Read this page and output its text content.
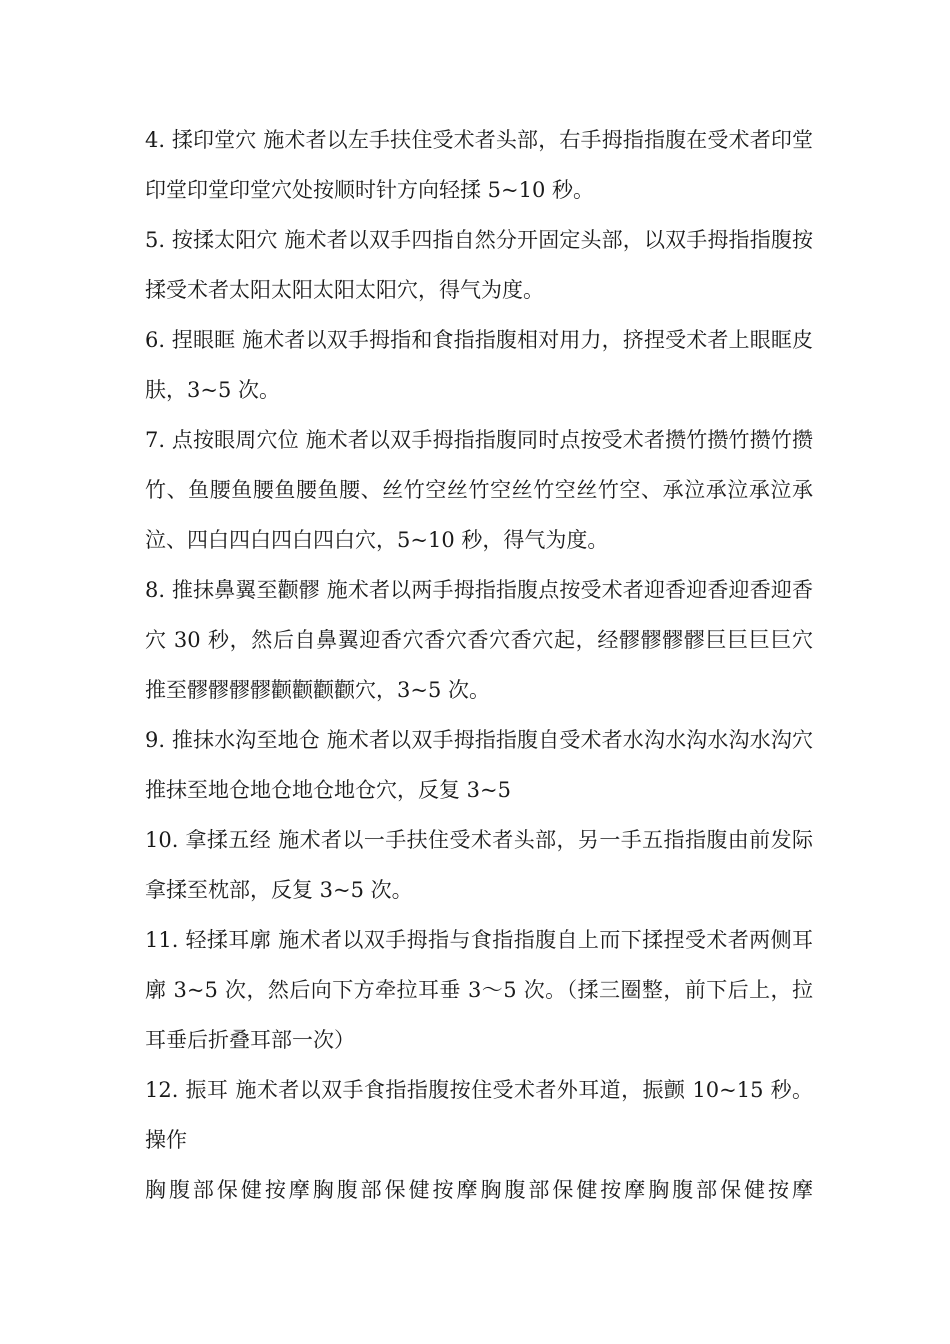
4. 揉印堂穴 施术者以左手扶住受术者头部，右手拇指指腹在受术者印堂印堂印堂印堂穴处按顺时针方向轻揉 5~10 秒。

5. 按揉太阳穴 施术者以双手四指自然分开固定头部，以双手拇指指腹按揉受术者太阳太阳太阳太阳穴，得气为度。

6. 捏眼眶 施术者以双手拇指和食指指腹相对用力，挤捏受术者上眼眶皮肤，3~5 次。

7. 点按眼周穴位 施术者以双手拇指指腹同时点按受术者攒竹攒竹攒竹攒竹、鱼腰鱼腰鱼腰鱼腰、丝竹空丝竹空丝竹空丝竹空、承泣承泣承泣承泣、四白四白四白四白穴，5~10 秒，得气为度。

8. 推抹鼻翼至颧髎 施术者以两手拇指指腹点按受术者迎香迎香迎香迎香穴 30 秒，然后自鼻翼迎香穴香穴香穴香穴起，经髎髎髎髎巨巨巨巨穴推至髎髎髎髎颧颧颧颧穴，3~5 次。

9. 推抹水沟至地仓 施术者以双手拇指指腹自受术者水沟水沟水沟水沟穴推抹至地仓地仓地仓地仓穴，反复 3~5

10. 拿揉五经 施术者以一手扶住受术者头部，另一手五指指腹由前发际拿揉至枕部，反复 3~5 次。

11. 轻揉耳廓 施术者以双手拇指与食指指腹自上而下揉捏受术者两侧耳廓 3~5 次，然后向下方牵拉耳垂 3～5 次。（揉三圈整，前下后上，拉耳垂后折叠耳部一次）

12. 振耳 施术者以双手食指指腹按住受术者外耳道，振颤 10~15 秒。操作

胸腹部保健按摩胸腹部保健按摩胸腹部保健按摩胸腹部保健按摩
